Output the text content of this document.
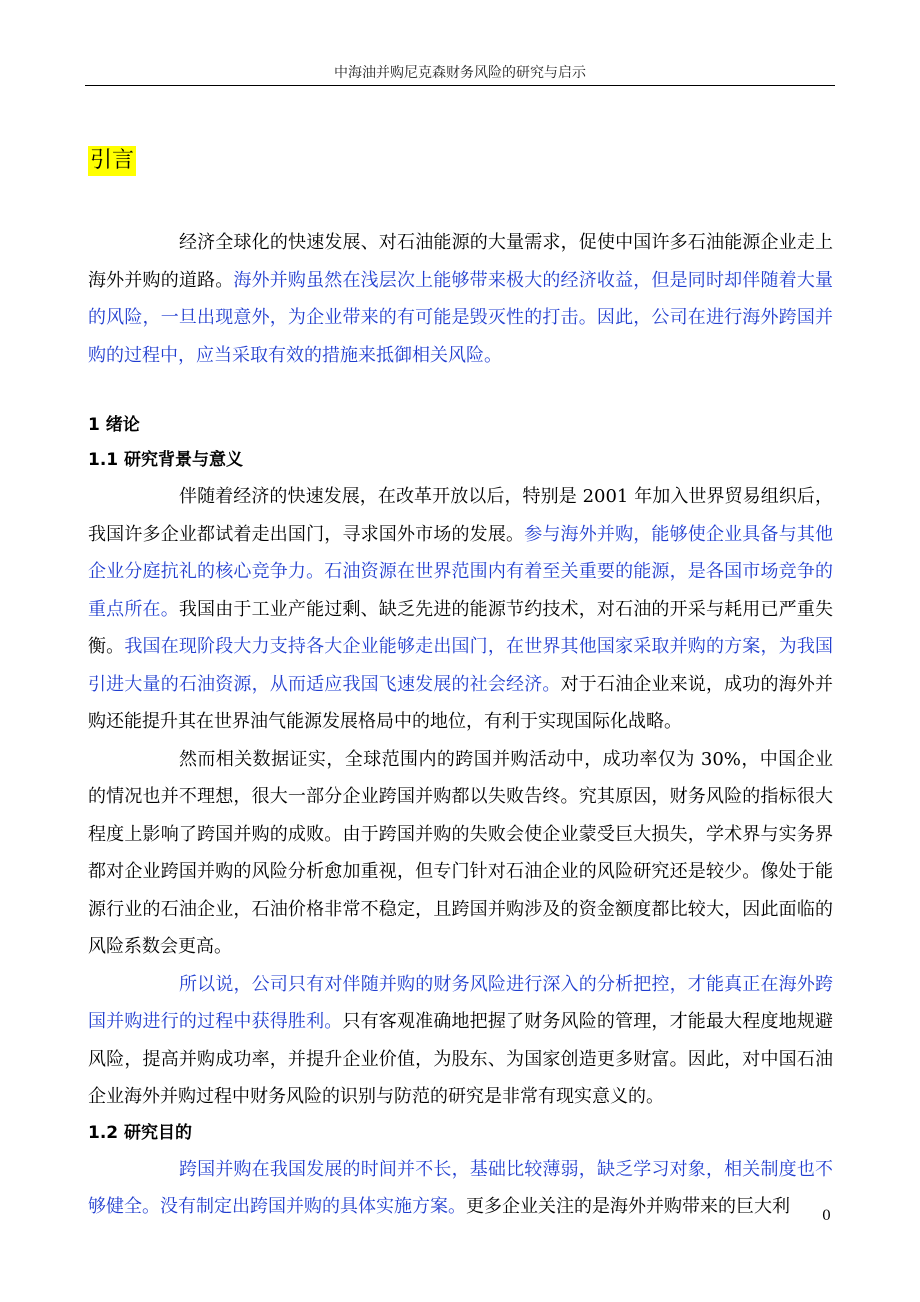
中海油并购尼克森财务风险的研究与启示
引言

经济全球化的快速发展、对石油能源的大量需求，促使中国许多石油能源企业走上海外并购的道路。海外并购虽然在浅层次上能够带来极大的经济收益，但是同时却伴随着大量的风险，一旦出现意外，为企业带来的有可能是毁灭性的打击。因此，公司在进行海外跨国并购的过程中，应当采取有效的措施来抵御相关风险。

1 绪论
1.1 研究背景与意义

伴随着经济的快速发展，在改革开放以后，特别是 2001 年加入世界贸易组织后，我国许多企业都试着走出国门，寻求国外市场的发展。参与海外并购，能够使企业具备与其他企业分庭抗礼的核心竞争力。石油资源在世界范围内有着至关重要的能源，是各国市场竞争的重点所在。我国由于工业产能过剩、缺乏先进的能源节约技术，对石油的开采与耗用已严重失衡。我国在现阶段大力支持各大企业能够走出国门，在世界其他国家采取并购的方案，为我国引进大量的石油资源，从而适应我国飞速发展的社会经济。对于石油企业来说，成功的海外并购还能提升其在世界油气能源发展格局中的地位，有利于实现国际化战略。

然而相关数据证实，全球范围内的跨国并购活动中，成功率仅为 30%，中国企业的情况也并不理想，很大一部分企业跨国并购都以失败告终。究其原因，财务风险的指标很大程度上影响了跨国并购的成败。由于跨国并购的失败会使企业蒙受巨大损失，学术界与实务界都对企业跨国并购的风险分析愈加重视，但专门针对石油企业的风险研究还是较少。像处于能源行业的石油企业，石油价格非常不稳定，且跨国并购涉及的资金额度都比较大，因此面临的风险系数会更高。

所以说，公司只有对伴随并购的财务风险进行深入的分析把控，才能真正在海外跨国并购进行的过程中获得胜利。只有客观准确地把握了财务风险的管理，才能最大程度地规避风险，提高并购成功率，并提升企业价值，为股东、为国家创造更多财富。因此，对中国石油企业海外并购过程中财务风险的识别与防范的研究是非常有现实意义的。

1.2 研究目的

跨国并购在我国发展的时间并不长，基础比较薄弱，缺乏学习对象，相关制度也不够健全。没有制定出跨国并购的具体实施方案。更多企业关注的是海外并购带来的巨大利	0
